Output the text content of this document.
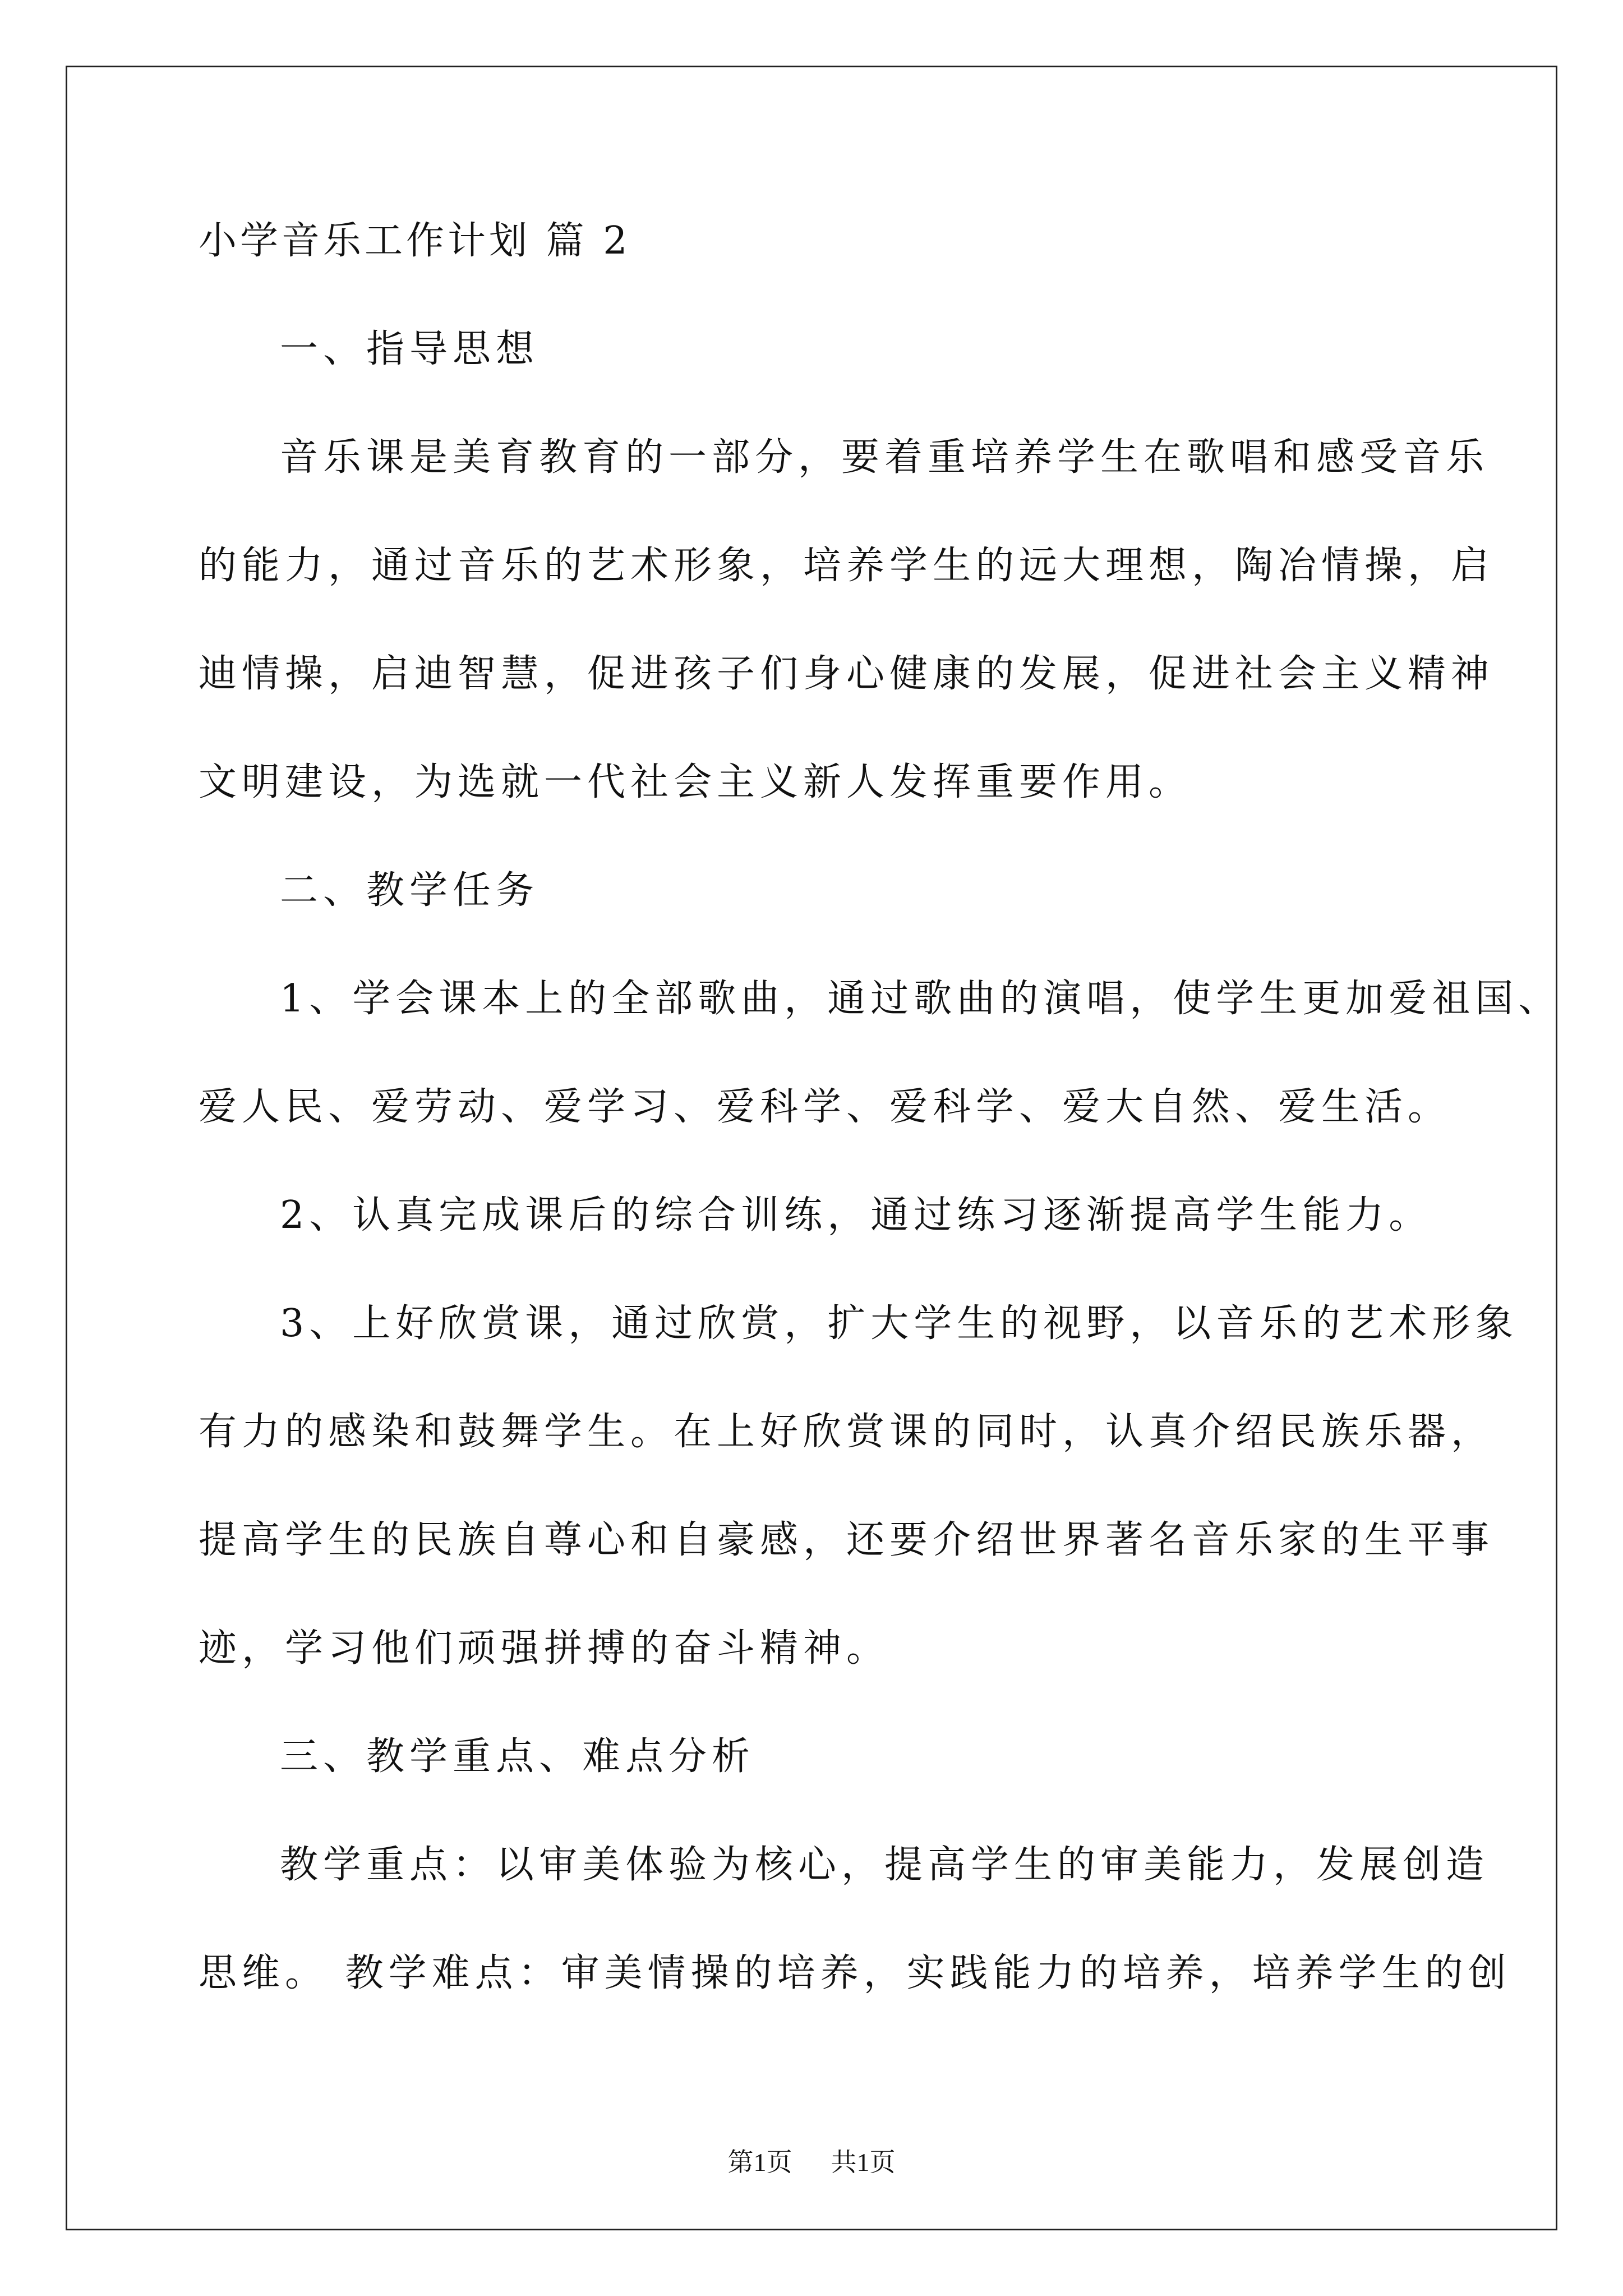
小学音乐工作计划 篇 2
一、指导思想
音乐课是美育教育的一部分，要着重培养学生在歌唱和感受音乐
的能力，通过音乐的艺术形象，培养学生的远大理想，陶冶情操，启
迪情操，启迪智慧，促进孩子们身心健康的发展，促进社会主义精神
文明建设，为选就一代社会主义新人发挥重要作用。
二、教学任务
1、学会课本上的全部歌曲，通过歌曲的演唱，使学生更加爱祖国、
爱人民、爱劳动、爱学习、爱科学、爱科学、爱大自然、爱生活。
2、认真完成课后的综合训练，通过练习逐渐提高学生能力。
3、上好欣赏课，通过欣赏，扩大学生的视野，以音乐的艺术形象
有力的感染和鼓舞学生。在上好欣赏课的同时，认真介绍民族乐器，
提高学生的民族自尊心和自豪感，还要介绍世界著名音乐家的生平事
迹，学习他们顽强拼搏的奋斗精神。
三、教学重点、难点分析
教学重点：以审美体验为核心，提高学生的审美能力，发展创造
思维。 教学难点：审美情操的培养，实践能力的培养，培养学生的创
第1页 共1页
